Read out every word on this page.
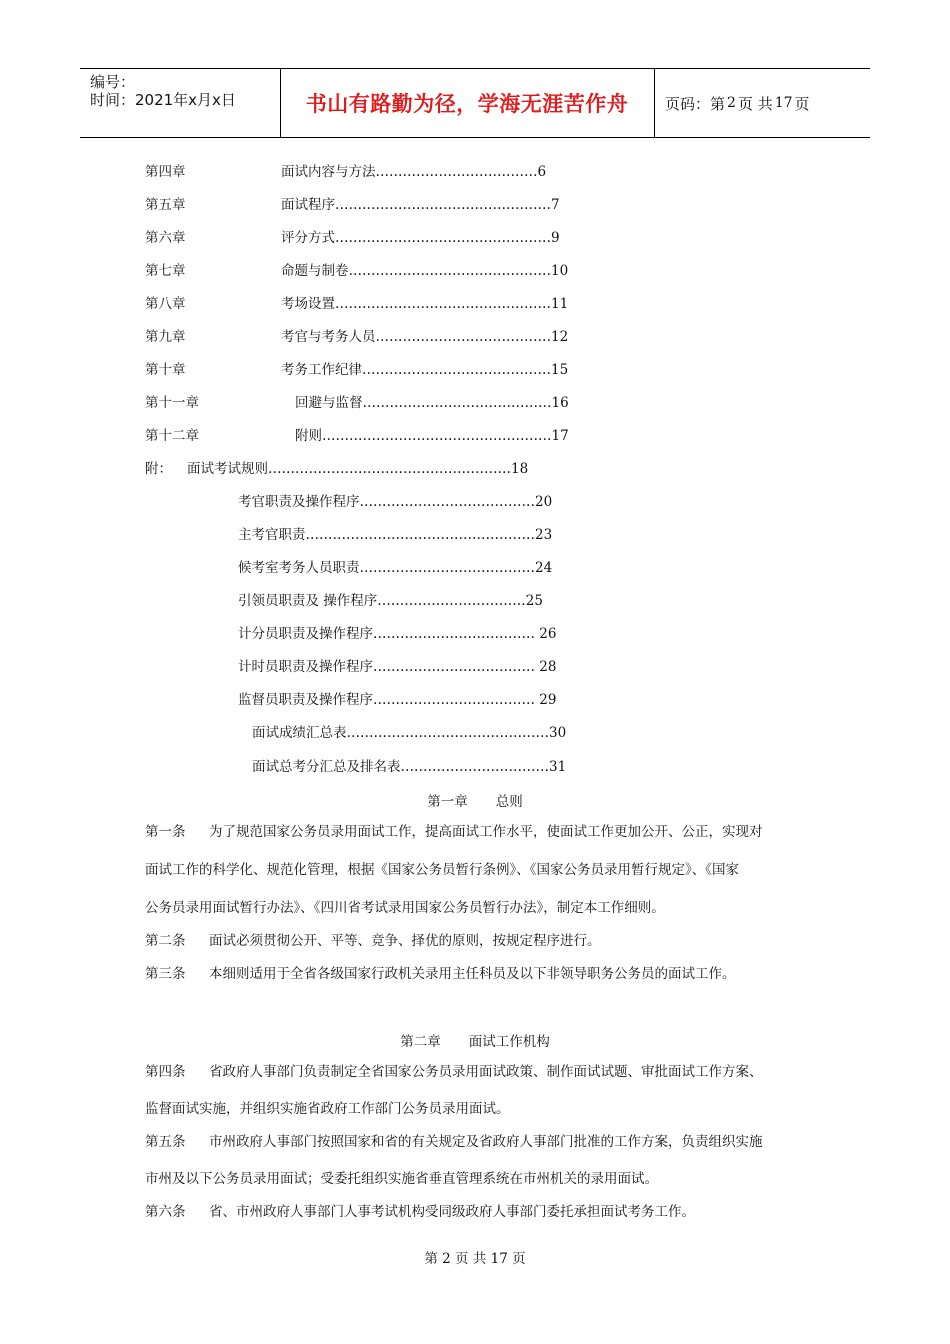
编号：
时间：2021年x月x日	书山有路勤为径，学海无涯苦作舟	页码：第 2 页 共 17 页
第四章	面试内容与方法………………………………6
第五章	面试程序…………………………………………7
第六章	评分方式…………………………………………9
第七章	命题与制卷………………………………………10
第八章	考场设置…………………………………………11
第九章	考官与考务人员…………………………………12
第十章	考务工作纪律……………………………………15
第十一章	回避与监督……………………………………16
第十二章	附则……………………………………………17
附： 面试考试规则………………………………………………18
考官职责及操作程序…………………………………20
主考官职责……………………………………………23
候考室考务人员职责…………………………………24
引领员职责及 操作程序……………………………25
计分员职责及操作程序……………………………… 26
计时员职责及操作程序……………………………… 28
监督员职责及操作程序……………………………… 29
面试成绩汇总表………………………………………30
面试总考分汇总及排名表……………………………31
第一章 总则
第一条 为了规范国家公务员录用面试工作，提高面试工作水平，使面试工作更加公开、公正，实现对
面试工作的科学化、规范化管理，根据《国家公务员暂行条例》、《国家公务员录用暂行规定》、《国家
公务员录用面试暂行办法》、《四川省考试录用国家公务员暂行办法》，制定本工作细则。
第二条 面试必须贯彻公开、平等、竞争、择优的原则，按规定程序进行。
第三条 本细则适用于全省各级国家行政机关录用主任科员及以下非领导职务公务员的面试工作。
第二章 面试工作机构
第四条 省政府人事部门负责制定全省国家公务员录用面试政策、制作面试试题、审批面试工作方案、
监督面试实施，并组织实施省政府工作部门公务员录用面试。
第五条 市州政府人事部门按照国家和省的有关规定及省政府人事部门批准的工作方案，负责组织实施
市州及以下公务员录用面试；受委托组织实施省垂直管理系统在市州机关的录用面试。
第六条 省、市州政府人事部门人事考试机构受同级政府人事部门委托承担面试考务工作。
第 2 页 共 17 页
